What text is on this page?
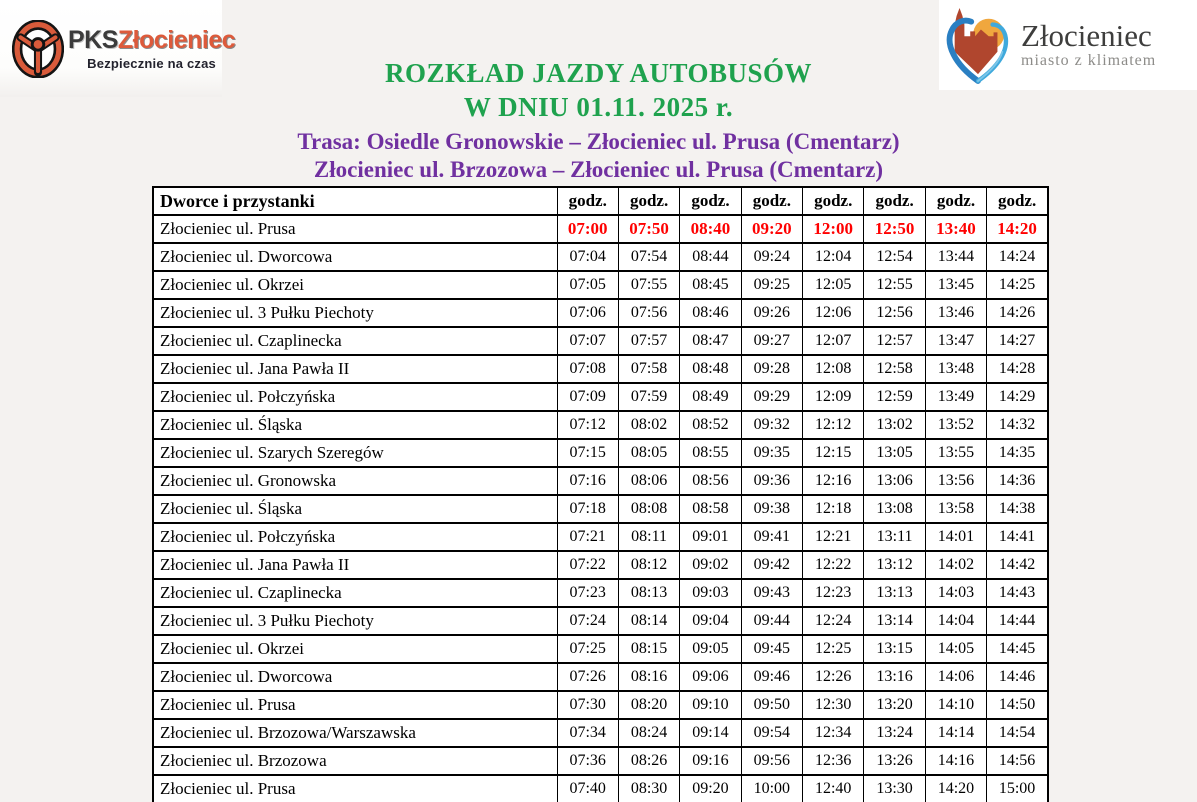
PKSZłocieniec
Bezpiecznie na czas
Złocieniec
miasto z klimatem
ROZKŁAD JAZDY AUTOBUSÓW
W DNIU 01.11. 2025 r.
Trasa: Osiedle Gronowskie – Złocieniec ul. Prusa (Cmentarz)
Złocieniec ul. Brzozowa – Złocieniec ul. Prusa (Cmentarz)
Dworce i przystanki	godz.	godz.	godz.	godz.	godz.	godz.	godz.	godz.
Złocieniec ul. Prusa	07:00	07:50	08:40	09:20	12:00	12:50	13:40	14:20
Złocieniec ul. Dworcowa	07:04	07:54	08:44	09:24	12:04	12:54	13:44	14:24
Złocieniec ul. Okrzei	07:05	07:55	08:45	09:25	12:05	12:55	13:45	14:25
Złocieniec ul. 3 Pułku Piechoty	07:06	07:56	08:46	09:26	12:06	12:56	13:46	14:26
Złocieniec ul. Czaplinecka	07:07	07:57	08:47	09:27	12:07	12:57	13:47	14:27
Złocieniec ul. Jana Pawła II	07:08	07:58	08:48	09:28	12:08	12:58	13:48	14:28
Złocieniec ul. Połczyńska	07:09	07:59	08:49	09:29	12:09	12:59	13:49	14:29
Złocieniec ul. Śląska	07:12	08:02	08:52	09:32	12:12	13:02	13:52	14:32
Złocieniec ul. Szarych Szeregów	07:15	08:05	08:55	09:35	12:15	13:05	13:55	14:35
Złocieniec ul. Gronowska	07:16	08:06	08:56	09:36	12:16	13:06	13:56	14:36
Złocieniec ul. Śląska	07:18	08:08	08:58	09:38	12:18	13:08	13:58	14:38
Złocieniec ul. Połczyńska	07:21	08:11	09:01	09:41	12:21	13:11	14:01	14:41
Złocieniec ul. Jana Pawła II	07:22	08:12	09:02	09:42	12:22	13:12	14:02	14:42
Złocieniec ul. Czaplinecka	07:23	08:13	09:03	09:43	12:23	13:13	14:03	14:43
Złocieniec ul. 3 Pułku Piechoty	07:24	08:14	09:04	09:44	12:24	13:14	14:04	14:44
Złocieniec ul. Okrzei	07:25	08:15	09:05	09:45	12:25	13:15	14:05	14:45
Złocieniec ul. Dworcowa	07:26	08:16	09:06	09:46	12:26	13:16	14:06	14:46
Złocieniec ul. Prusa	07:30	08:20	09:10	09:50	12:30	13:20	14:10	14:50
Złocieniec ul. Brzozowa/Warszawska	07:34	08:24	09:14	09:54	12:34	13:24	14:14	14:54
Złocieniec ul. Brzozowa	07:36	08:26	09:16	09:56	12:36	13:26	14:16	14:56
Złocieniec ul. Prusa	07:40	08:30	09:20	10:00	12:40	13:30	14:20	15:00
